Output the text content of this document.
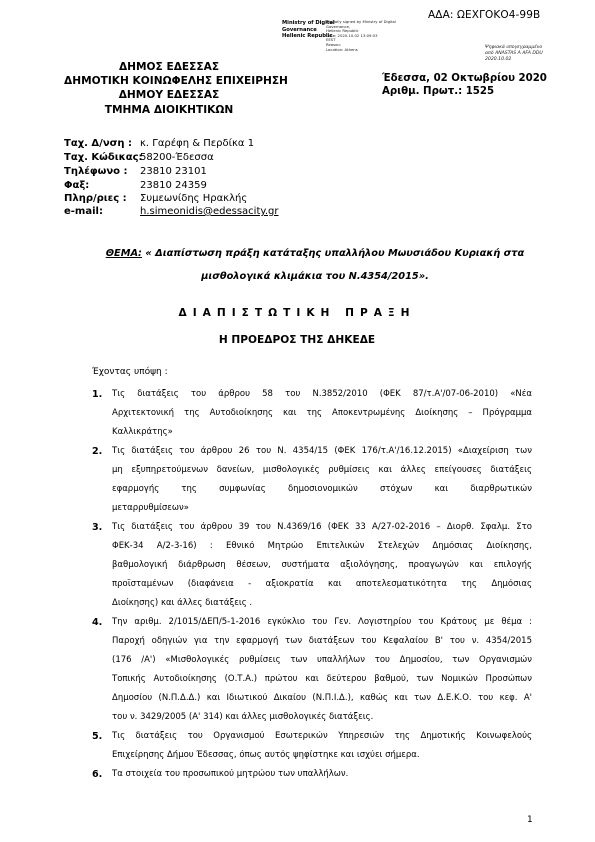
ΑΔΑ: ΩΕΧΓΟΚΟ4-99Β
Ministry of Digital
Governance
Hellenic Republic
Digitally signed by Ministry of Digital
Governance,
Hellenic Republic
Date: 2020.10.02 13:09:53
EEST
Reason:
Location: Athens	Ψηφιακά υπογεγραμμένο από ANASTAS A AFA DDU 2020.10.02
ΔΗΜΟΣ ΕΔΕΣΣΑΣ
ΔΗΜΟΤΙΚΗ ΚΟΙΝΩΦΕΛΗΣ ΕΠΙΧΕΙΡΗΣΗ
ΔΗΜΟΥ ΕΔΕΣΣΑΣ
ΤΜΗΜΑ ΔΙΟΙΚΗΤΙΚΩΝ
Έδεσσα, 02 Οκτωβρίου 2020
Αριθμ. Πρωτ.: 1525
Ταχ. Δ/νση : κ. Γαρέφη & Περδίκα 1
Ταχ. Κώδικας:
58200-Έδεσσα
Τηλέφωνο : 23810 23101
Φαξ:	23810 24359
Πληρ/ριες : Συμεωνίδης Ηρακλής
e-mail:	h.simeonidis@edessacity.gr
ΘΕΜΑ: « Διαπίστωση πράξη κατάταξης υπαλλήλου Μωυσιάδου Κυριακή στα
μισθολογικά κλιμάκια του Ν.4354/2015».
ΔΙΑΠΙΣΤΩΤΙΚΗ ΠΡΑΞΗ
Η ΠΡΟΕΔΡΟΣ ΤΗΣ ΔΗΚΕΔΕ
Έχοντας υπόψη :
1. Τις διατάξεις του άρθρου 58 του Ν.3852/2010 (ΦΕΚ 87/τ.Α'/07-06-2010) «Νέα
Αρχιτεκτονική της Αυτοδιοίκησης και της Αποκεντρωμένης Διοίκησης – Πρόγραμμα
Καλλικράτης»
2. Τις διατάξεις του άρθρου 26 του Ν. 4354/15 (ΦΕΚ 176/τ.Α'/16.12.2015) «Διαχείριση των
μη εξυπηρετούμενων δανείων, μισθολογικές ρυθμίσεις και άλλες επείγουσες διατάξεις
εφαρμογής της συμφωνίας δημοσιονομικών στόχων και διαρθρωτικών
μεταρρυθμίσεων»
3. Τις διατάξεις του άρθρου 39 του Ν.4369/16 (ΦΕΚ 33 Α/27-02-2016 – Διορθ. Σφαλμ. Στο
ΦΕΚ-34 Α/2-3-16) : Εθνικό Μητρώο Επιτελικών Στελεχών Δημόσιας Διοίκησης,
βαθμολογική διάρθρωση θέσεων, συστήματα αξιολόγησης, προαγωγών και επιλογής
προϊσταμένων (διαφάνεια - αξιοκρατία και αποτελεσματικότητα της Δημόσιας
Διοίκησης) και άλλες διατάξεις .
4. Την αριθμ. 2/1015/ΔΕΠ/5-1-2016 εγκύκλιο του Γεν. Λογιστηρίου του Κράτους με θέμα :
Παροχή οδηγιών για την εφαρμογή των διατάξεων του Κεφαλαίου Β' του ν. 4354/2015
(176 /Α') «Μισθολογικές ρυθμίσεις των υπαλλήλων του Δημοσίου, των Οργανισμών
Τοπικής Αυτοδιοίκησης (Ο.Τ.Α.) πρώτου και δεύτερου βαθμού, των Νομικών Προσώπων
Δημοσίου (Ν.Π.Δ.Δ.) και Ιδιωτικού Δικαίου (Ν.Π.Ι.Δ.), καθώς και των Δ.Ε.Κ.Ο. του κεφ. Α'
του ν. 3429/2005 (Α' 314) και άλλες μισθολογικές διατάξεις.
5. Τις διατάξεις του Οργανισμού Εσωτερικών Υπηρεσιών της Δημοτικής Κοινωφελούς
Επιχείρησης Δήμου Έδεσσας, όπως αυτός ψηφίστηκε και ισχύει σήμερα.
6. Τα στοιχεία του προσωπικού μητρώου των υπαλλήλων.
1
